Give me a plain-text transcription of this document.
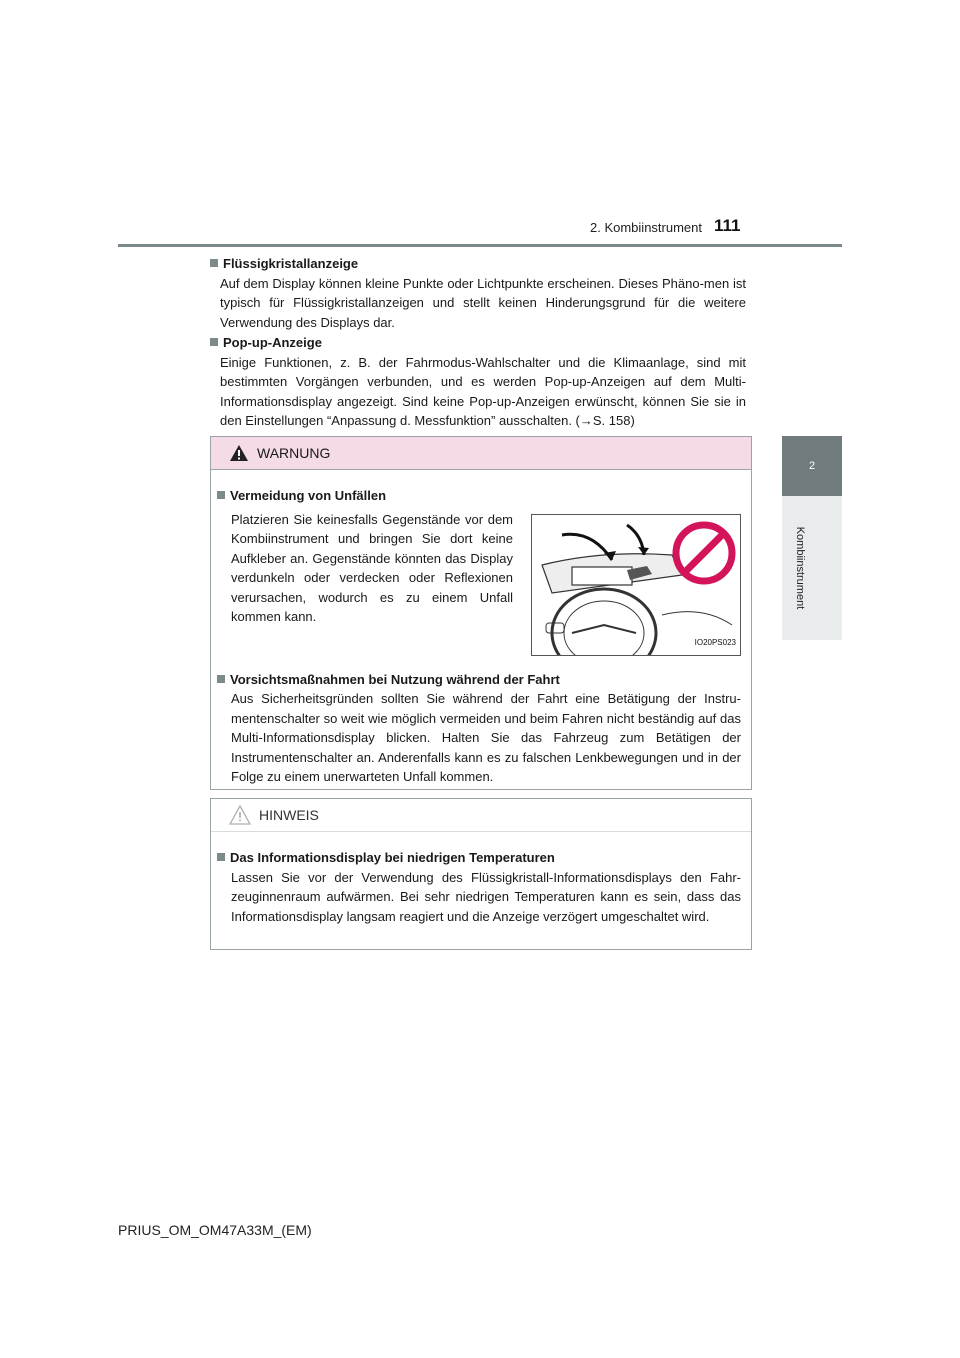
2. Kombiinstrument 111
2
Kombiinstrument
Flüssigkristallanzeige
Auf dem Display können kleine Punkte oder Lichtpunkte erscheinen. Dieses Phäno-men ist typisch für Flüssigkristallanzeigen und stellt keinen Hinderungsgrund für die weitere Verwendung des Displays dar.
Pop-up-Anzeige
Einige Funktionen, z. B. der Fahrmodus-Wahlschalter und die Klimaanlage, sind mit bestimmten Vorgängen verbunden, und es werden Pop-up-Anzeigen auf dem Multi-Informationsdisplay angezeigt. Sind keine Pop-up-Anzeigen erwünscht, können Sie sie in den Einstellungen “Anpassung d. Messfunktion” ausschalten. (→S. 158)
WARNUNG
Vermeidung von Unfällen
Platzieren Sie keinesfalls Gegenstände vor dem Kombiinstrument und bringen Sie dort keine Aufkleber an. Gegenstände könnten das Display verdunkeln oder verdecken oder Reflexionen verursachen, wodurch es zu einem Unfall kommen kann.
IO20PS023
Vorsichtsmaßnahmen bei Nutzung während der Fahrt
Aus Sicherheitsgründen sollten Sie während der Fahrt eine Betätigung der Instru-mentenschalter so weit wie möglich vermeiden und beim Fahren nicht beständig auf das Multi-Informationsdisplay blicken. Halten Sie das Fahrzeug zum Betätigen der Instrumentenschalter an. Anderenfalls kann es zu falschen Lenkbewegungen und in der Folge zu einem unerwarteten Unfall kommen.
HINWEIS
Das Informationsdisplay bei niedrigen Temperaturen
Lassen Sie vor der Verwendung des Flüssigkristall-Informationsdisplays den Fahr-zeuginnenraum aufwärmen. Bei sehr niedrigen Temperaturen kann es sein, dass das Informationsdisplay langsam reagiert und die Anzeige verzögert umgeschaltet wird.
PRIUS_OM_OM47A33M_(EM)
